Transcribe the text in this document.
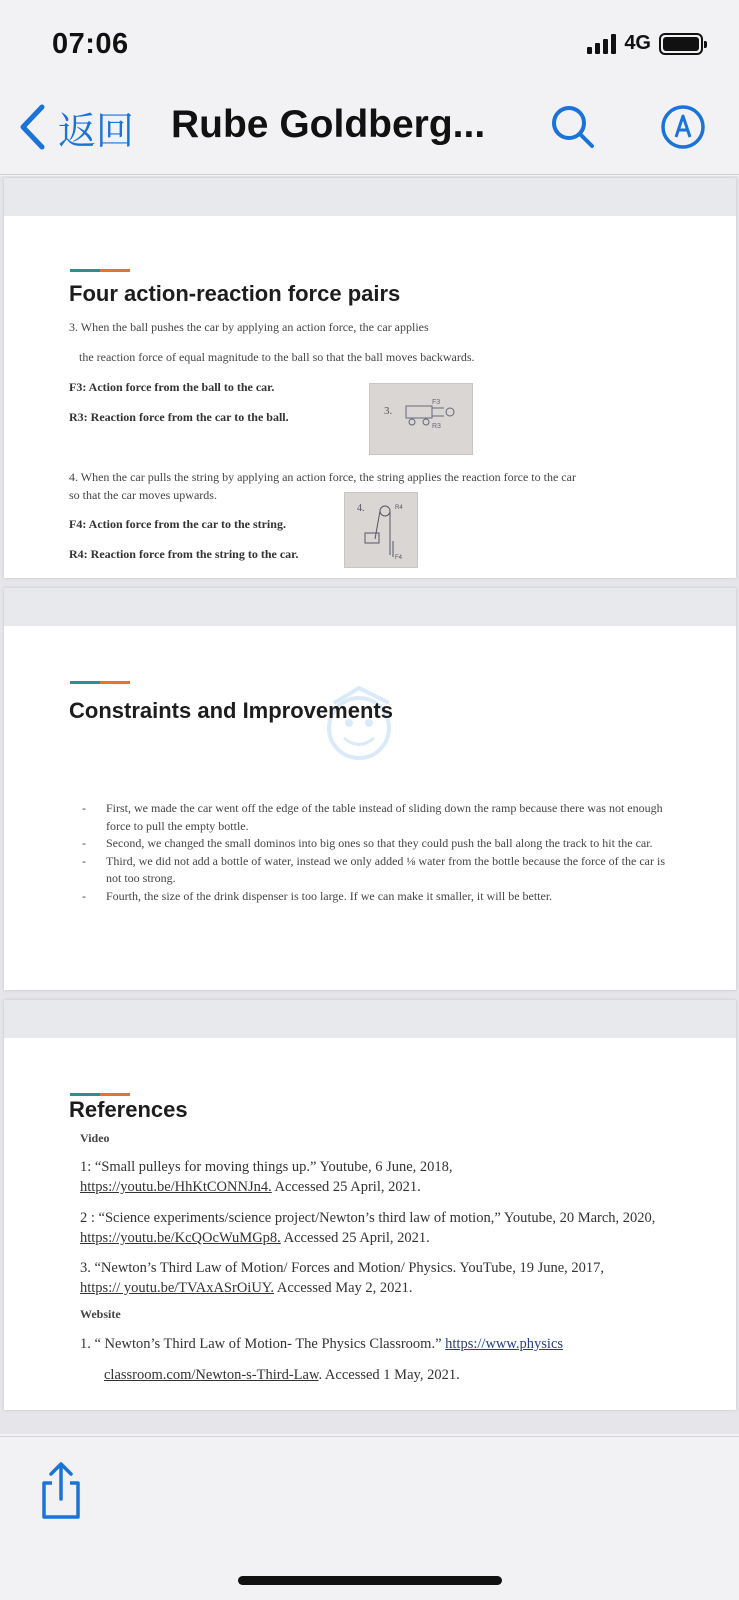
07:06	4G
返回 Rube Goldberg...
Four action-reaction force pairs
3. When the ball pushes the car by applying an action force, the car applies
the reaction force of equal magnitude to the ball so that the ball moves backwards.
F3: Action force from the ball to the car.
R3: Reaction force from the car to the ball.	3.
F3
R3
4. When the car pulls the string by applying an action force, the string applies the reaction force to the car
so that the car moves upwards.
F4: Action force from the car to the string.
R4: Reaction force from the string to the car.
4.	R4
F4
Constraints and Improvements
- First, we made the car went off the edge of the table instead of sliding down the ramp because there was not enough force to pull the empty bottle.
- Second, we changed the small dominos into big ones so that they could push the ball along the track to hit the car.
- Third, we did not add a bottle of water, instead we only added ⅛ water from the bottle because the force of the car is not too strong.
- Fourth, the size of the drink dispenser is too large. If we can make it smaller, it will be better.
References
Video
1: “Small pulleys for moving things up.” Youtube, 6 June, 2018,
https://youtu.be/HhKtCONNJn4. Accessed 25 April, 2021.
2 : “Science experiments/science project/Newton’s third law of motion,” Youtube, 20 March, 2020, https://youtu.be/KcQOcWuMGp8. Accessed 25 April, 2021.
3. “Newton’s Third Law of Motion/ Forces and Motion/ Physics. YouTube, 19 June, 2017,
https:// youtu.be/TVAxASrOiUY. Accessed May 2, 2021.
Website
1. “ Newton’s Third Law of Motion- The Physics Classroom.” https://www.physics
classroom.com/Newton-s-Third-Law. Accessed 1 May, 2021.
